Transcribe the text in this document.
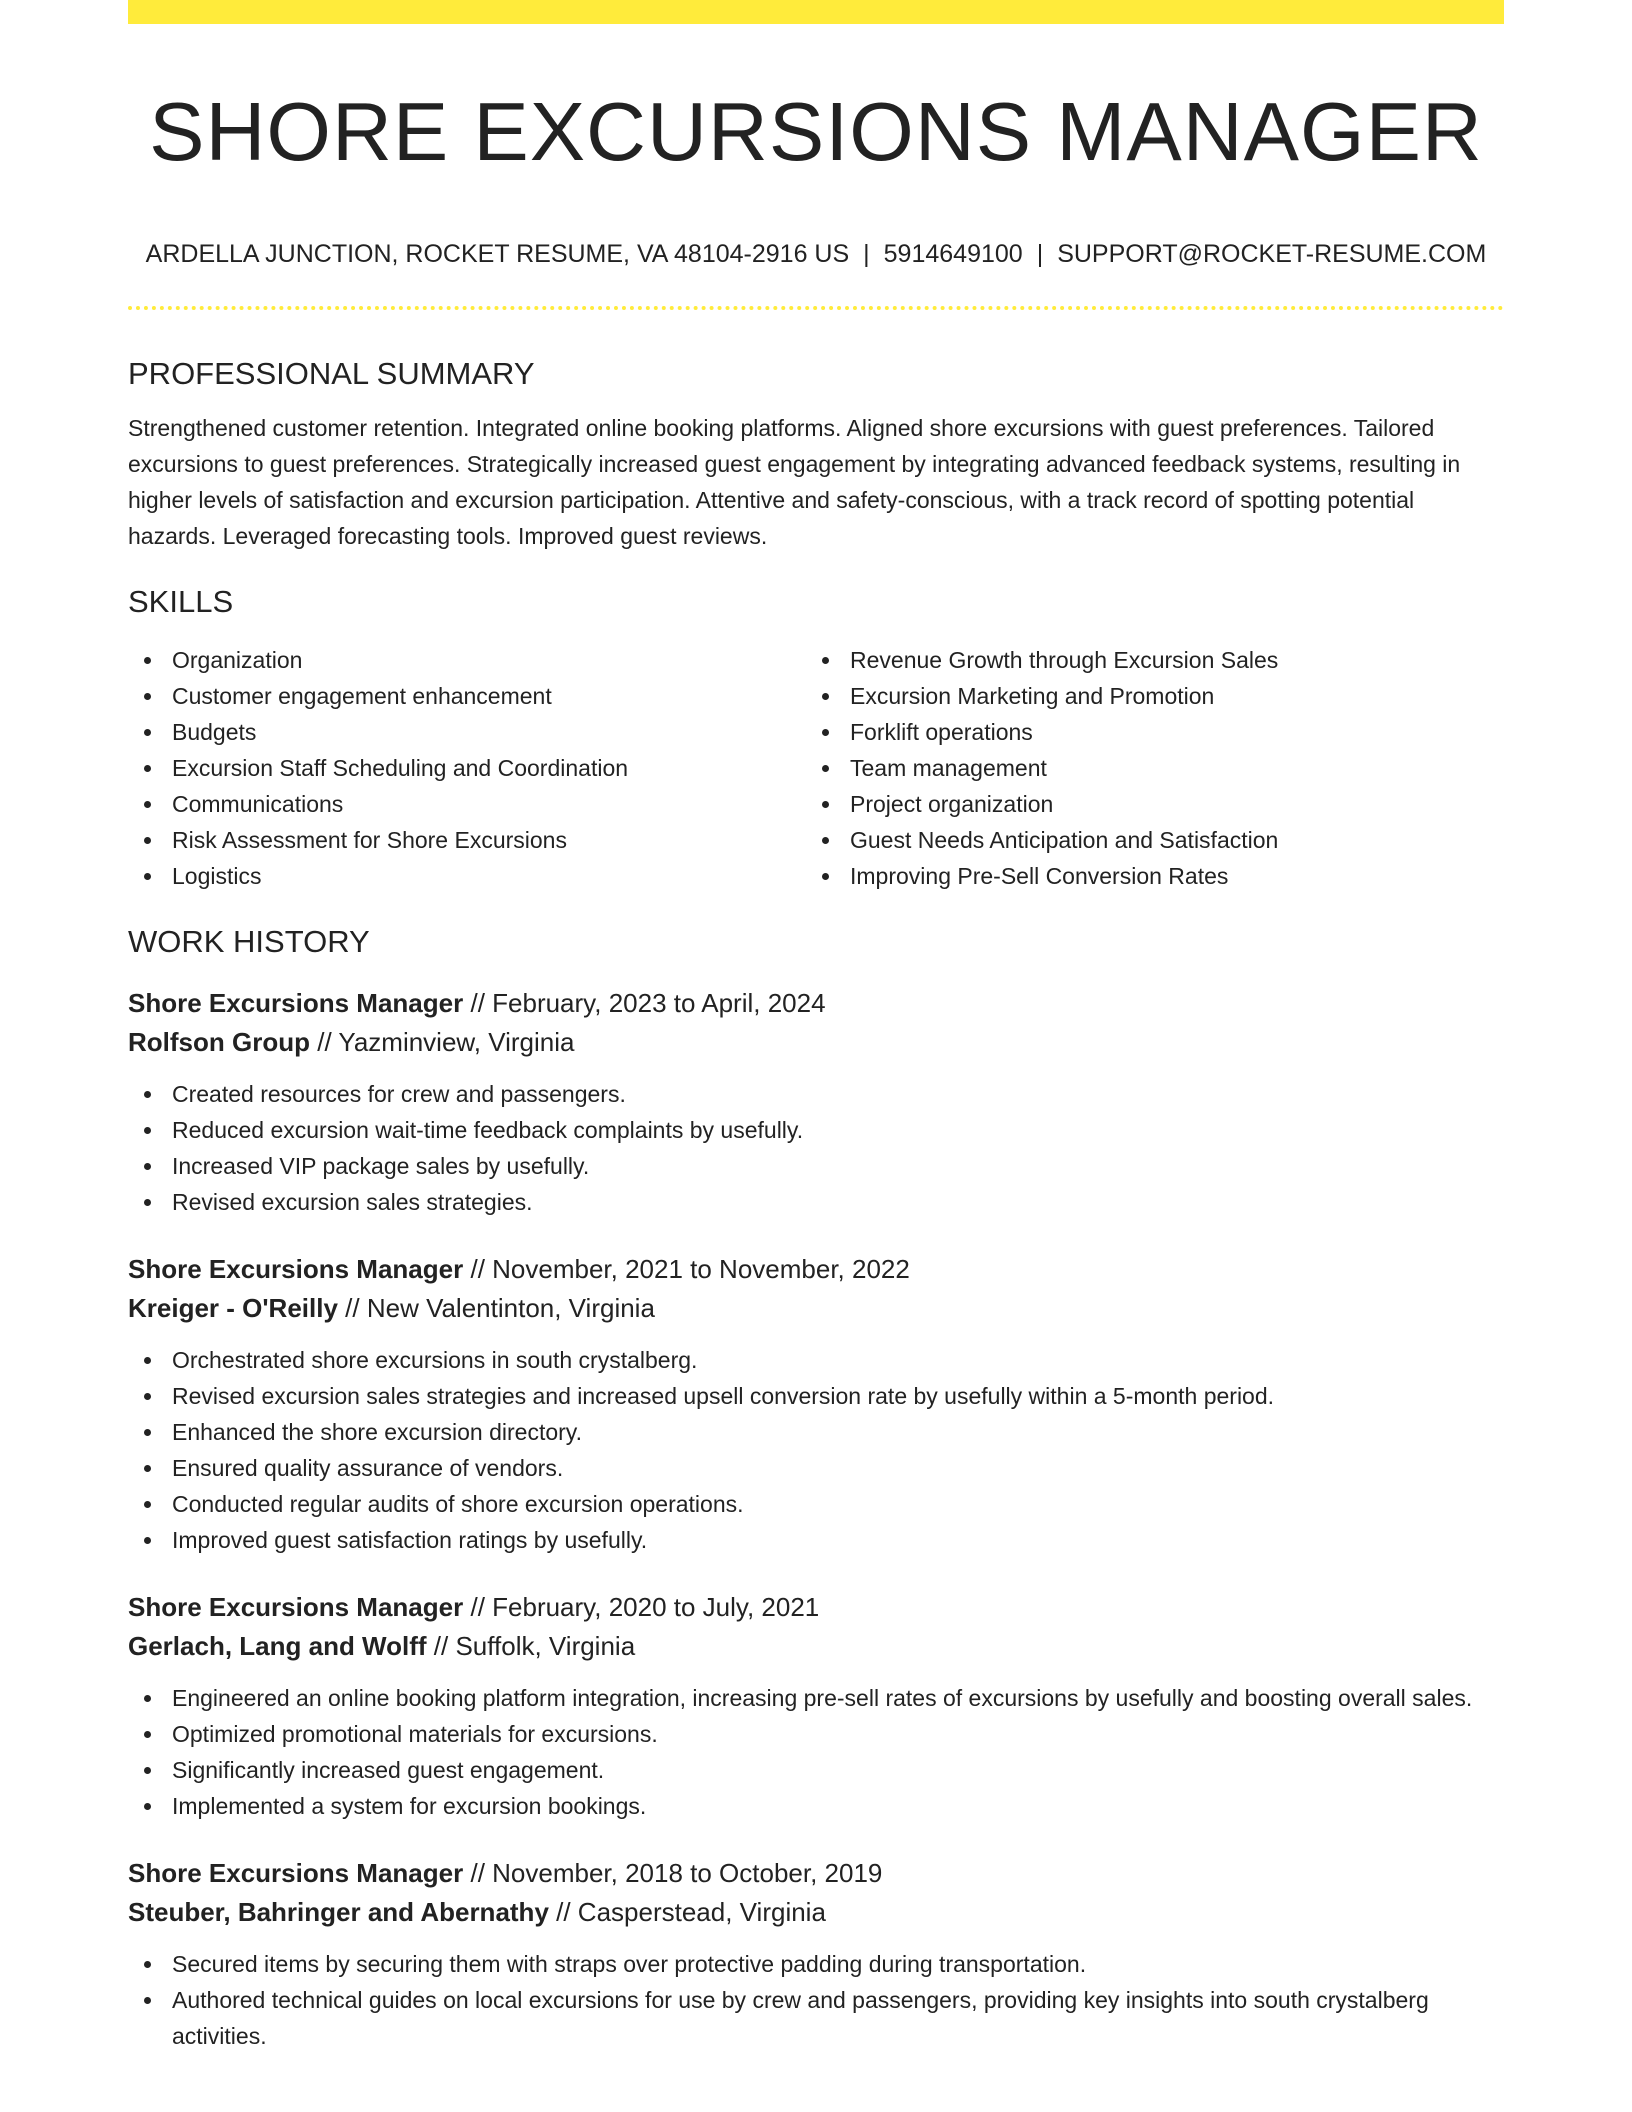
SHORE EXCURSIONS MANAGER
ARDELLA JUNCTION, ROCKET RESUME, VA 48104-2916 US | 5914649100 | SUPPORT@ROCKET-RESUME.COM
PROFESSIONAL SUMMARY

Strengthened customer retention. Integrated online booking platforms. Aligned shore excursions with guest preferences. Tailored excursions to guest preferences. Strategically increased guest engagement by integrating advanced feedback systems, resulting in higher levels of satisfaction and excursion participation. Attentive and safety-conscious, with a track record of spotting potential hazards. Leveraged forecasting tools. Improved guest reviews.

SKILLS
Organization
Customer engagement enhancement
Budgets
Excursion Staff Scheduling and Coordination
Communications
Risk Assessment for Shore Excursions
Logistics
Revenue Growth through Excursion Sales
Excursion Marketing and Promotion
Forklift operations
Team management
Project organization
Guest Needs Anticipation and Satisfaction
Improving Pre-Sell Conversion Rates
WORK HISTORY
Shore Excursions Manager // February, 2023 to April, 2024
Rolfson Group // Yazminview, Virginia
Created resources for crew and passengers.
Reduced excursion wait-time feedback complaints by usefully.
Increased VIP package sales by usefully.
Revised excursion sales strategies.
Shore Excursions Manager // November, 2021 to November, 2022
Kreiger - O'Reilly // New Valentinton, Virginia
Orchestrated shore excursions in south crystalberg.
Revised excursion sales strategies and increased upsell conversion rate by usefully within a 5-month period.
Enhanced the shore excursion directory.
Ensured quality assurance of vendors.
Conducted regular audits of shore excursion operations.
Improved guest satisfaction ratings by usefully.
Shore Excursions Manager // February, 2020 to July, 2021
Gerlach, Lang and Wolff // Suffolk, Virginia
Engineered an online booking platform integration, increasing pre-sell rates of excursions by usefully and boosting overall sales.
Optimized promotional materials for excursions.
Significantly increased guest engagement.
Implemented a system for excursion bookings.
Shore Excursions Manager // November, 2018 to October, 2019
Steuber, Bahringer and Abernathy // Casperstead, Virginia
Secured items by securing them with straps over protective padding during transportation.
Authored technical guides on local excursions for use by crew and passengers, providing key insights into south crystalberg activities.
